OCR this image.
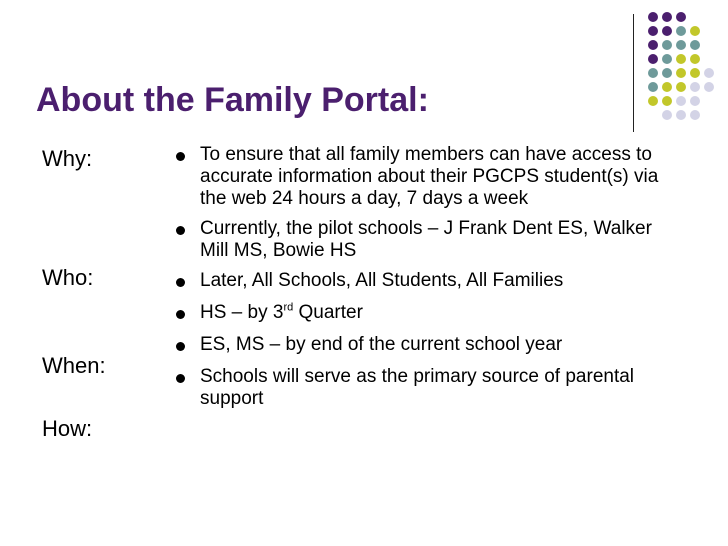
About the Family Portal:
Why:
Who:
When:
How:
To ensure that all family members can have access to accurate information about their PGCPS student(s) via the web 24 hours a day, 7 days a week
Currently, the pilot schools – J Frank Dent ES, Walker Mill MS, Bowie HS
Later, All Schools, All Students, All Families
HS – by 3rd Quarter
ES, MS – by end of the current school year
Schools will serve as the primary source of parental support
